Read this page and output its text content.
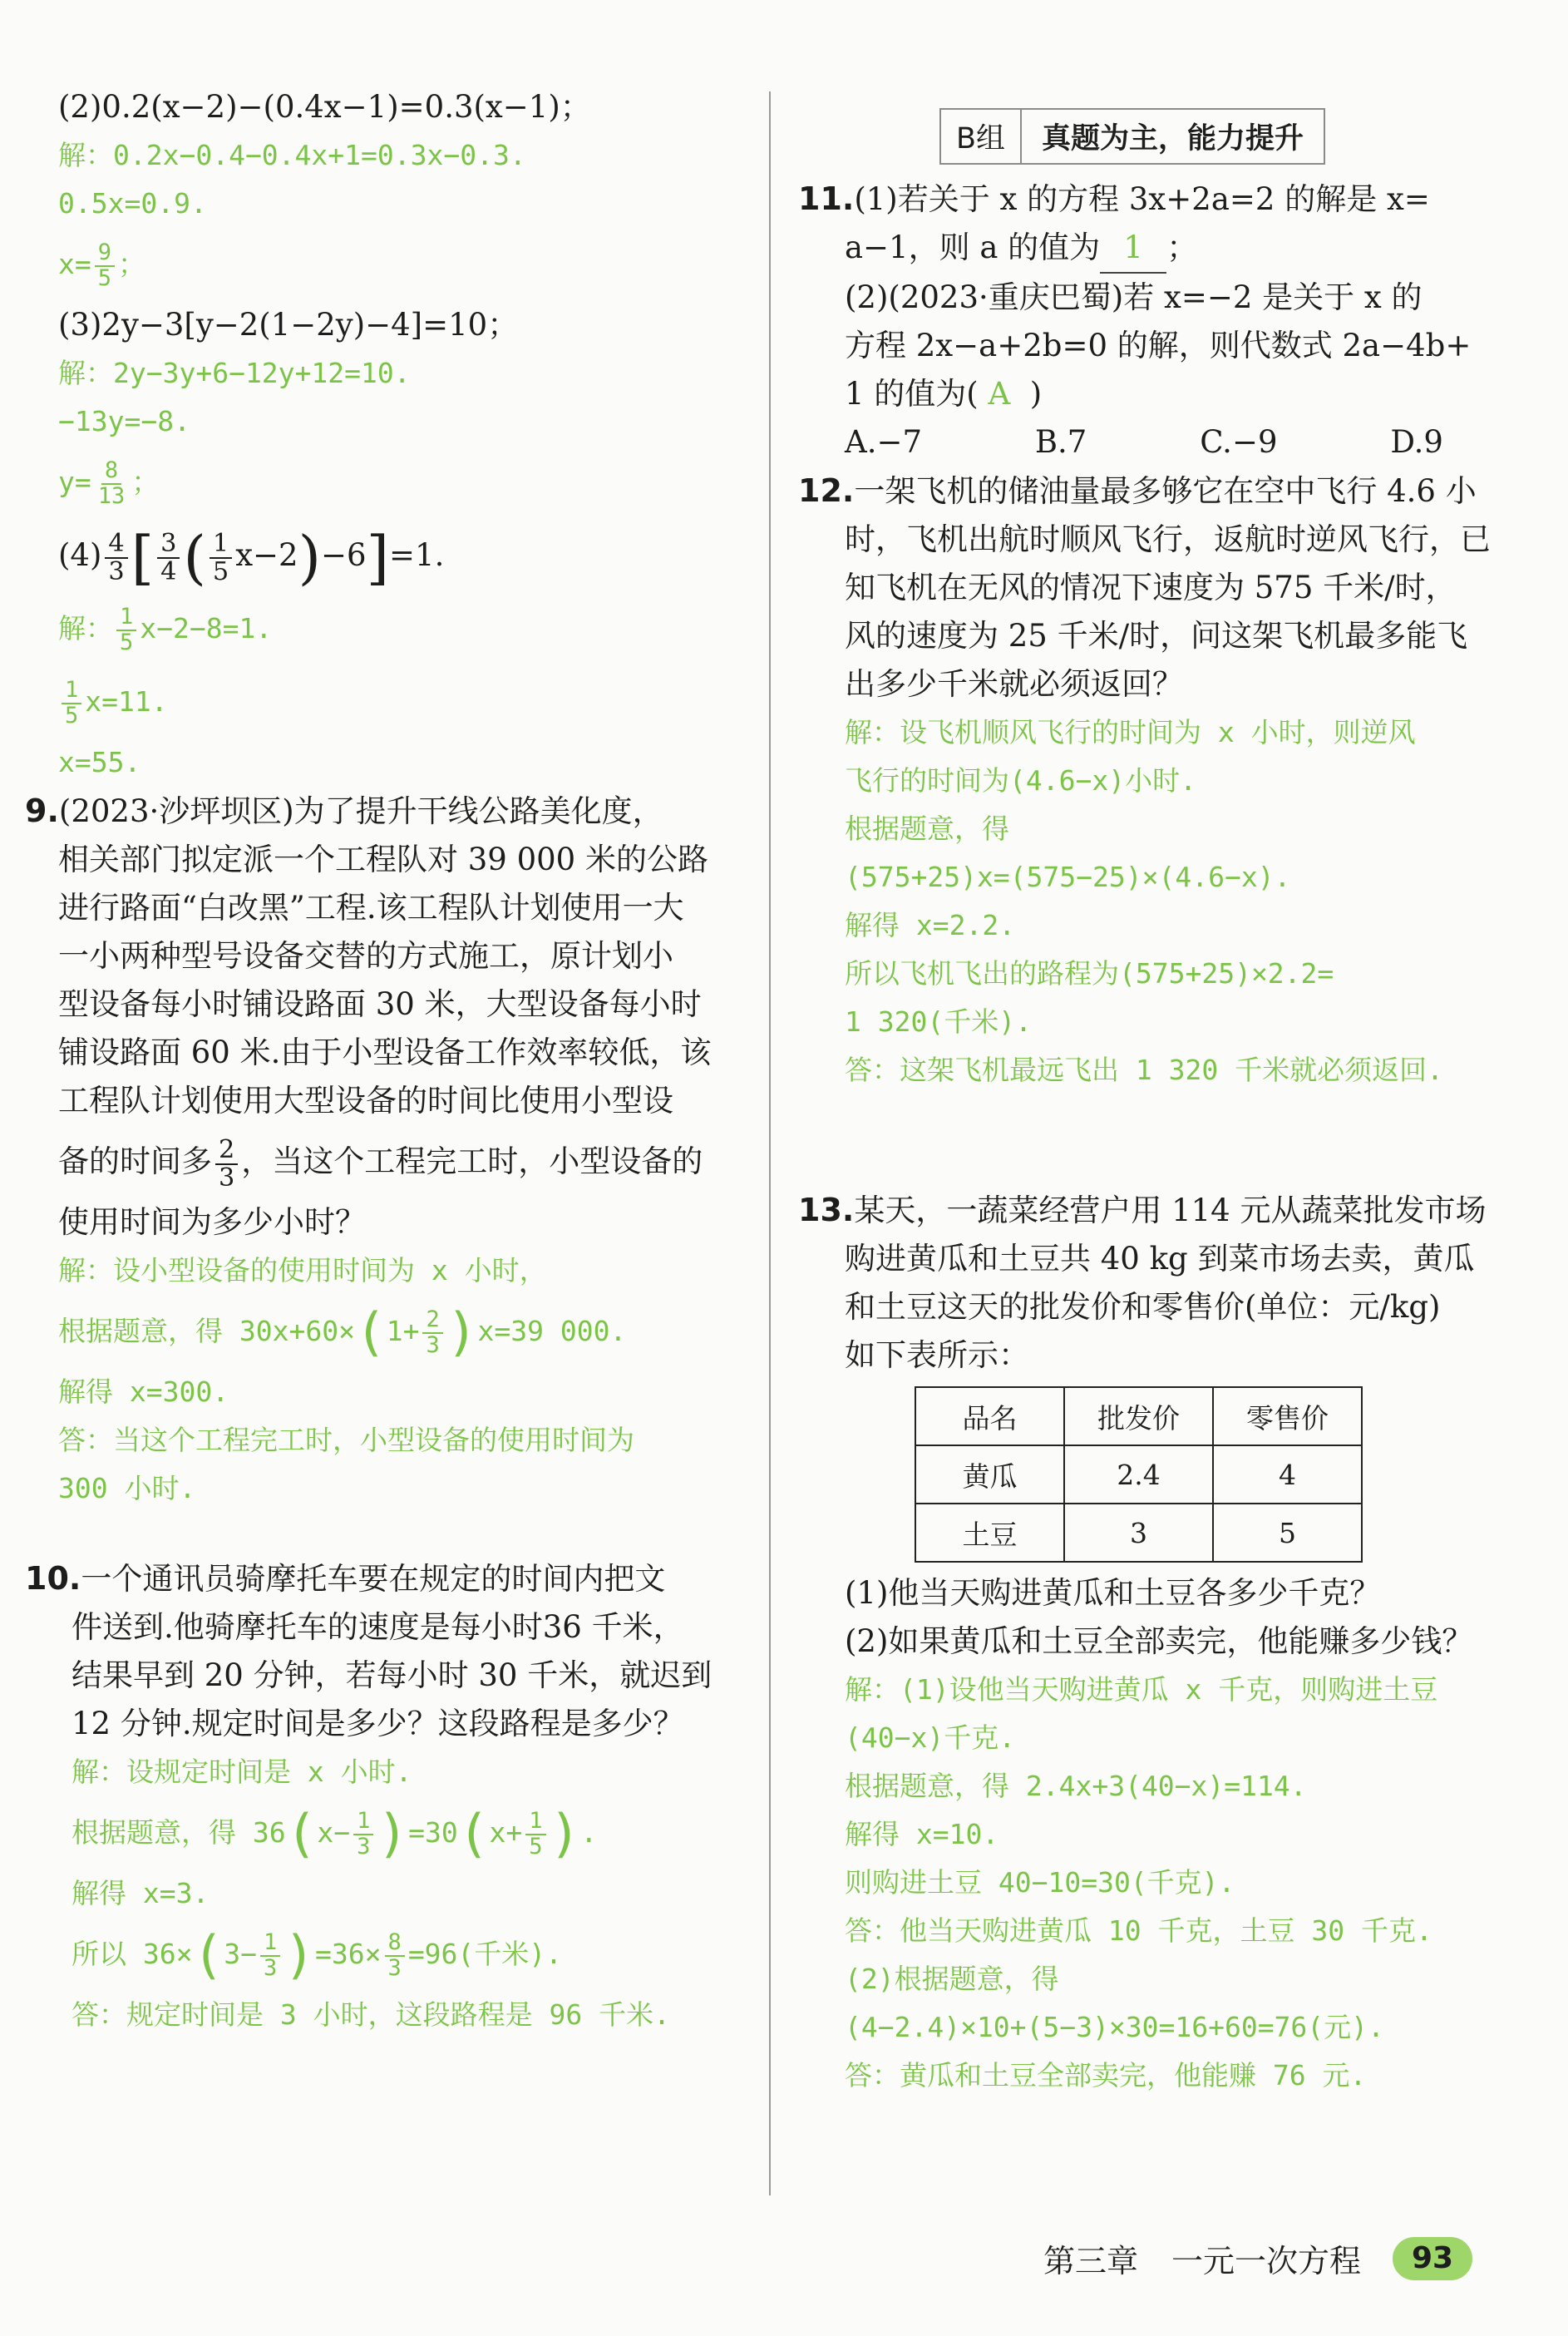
(2)0.2(x−2)−(0.4x−1)=0.3(x−1)；
解：0.2x−0.4−0.4x+1=0.3x−0.3.
0.5x=0.9.
$x= \frac{9}{5}$ ；
(3)2y−3[y−2(1−2y)−4]=10；
解：2y−3y+6−12y+12=10.
−13y=−8.
$y= \frac{8}{13}$ ；
$(4) \frac{4}{3}$ [ $\frac{3}{4}$ ( $\frac{1}{5} x-2)-6]=1$.
解： $\frac{1}{5} x-2-8=1$.
$\frac{1}{5} x=11$.
x=55.
9.(2023·沙坪坝区)为了提升干线公路美化度，
相关部门拟定派一个工程队对 39 000 米的公路
进行路面“白改黑”工程.该工程队计划使用一大
一小两种型号设备交替的方式施工，原计划小
型设备每小时铺设路面 30 米，大型设备每小时
铺设路面 60 米.由于小型设备工作效率较低，该
工程队计划使用大型设备的时间比使用小型设
备的时间多 $\frac{2}{3}$ ，当这个工程完工时，小型设备的
使用时间为多少小时？
解：设小型设备的使用时间为 x 小时，
根据题意，得 $30x+60\times(1+ \frac{2}{3} )x=39$ 000.
解得 x=300.
答：当这个工程完工时，小型设备的使用时间为
300 小时.
10.一个通讯员骑摩托车要在规定的时间内把文
件送到.他骑摩托车的速度是每小时36 千米，
结果早到 20 分钟，若每小时 30 千米，就迟到
12 分钟.规定时间是多少？这段路程是多少？
解：设规定时间是 x 小时.
根据题意，得 $36(x- \frac{1}{3} )=30(x+ \frac{1}{5}$ ).
解得 x=3.
所以 $36\times(3- \frac{1}{3} )=36\times \frac{8}{3} =96$(千米).
答：规定时间是 3 小时，这段路程是 96 千米.
B组	真题为主，能力提升
11.(1)若关于 x 的方程 3x+2a=2 的解是 x=
a−1，则 a 的值为 1 ；
(2)(2023·重庆巴蜀)若 x=−2 是关于 x 的
方程 2x−a+2b=0 的解，则代数式 2a−4b+
1 的值为( A )
A.−7	B.7	C.−9	D.9
12.一架飞机的储油量最多够它在空中飞行 4.6 小
时，飞机出航时顺风飞行，返航时逆风飞行，已
知飞机在无风的情况下速度为 575 千米/时，
风的速度为 25 千米/时，问这架飞机最多能飞
出多少千米就必须返回？
解：设飞机顺风飞行的时间为 x 小时，则逆风
飞行的时间为(4.6−x)小时.
根据题意，得
(575+25)x=(575−25)×(4.6−x).
解得 x=2.2.
所以飞机飞出的路程为(575+25)×2.2=
1 320(千米).
答：这架飞机最远飞出 1 320 千米就必须返回.
13.某天，一蔬菜经营户用 114 元从蔬菜批发市场
购进黄瓜和土豆共 40 kg 到菜市场去卖，黄瓜
和土豆这天的批发价和零售价(单位：元/kg)
如下表所示：
品名	批发价	零售价
黄瓜	2.4	4
土豆	3	5
(1)他当天购进黄瓜和土豆各多少千克？
(2)如果黄瓜和土豆全部卖完，他能赚多少钱？
解：(1)设他当天购进黄瓜 x 千克，则购进土豆
(40−x)千克.
根据题意，得 2.4x+3(40−x)=114.
解得 x=10.
则购进土豆 40−10=30(千克).
答：他当天购进黄瓜 10 千克，土豆 30 千克.
(2)根据题意，得
(4−2.4)×10+(5−3)×30=16+60=76(元).
答：黄瓜和土豆全部卖完，他能赚 76 元.
第三章 一元一次方程	93
